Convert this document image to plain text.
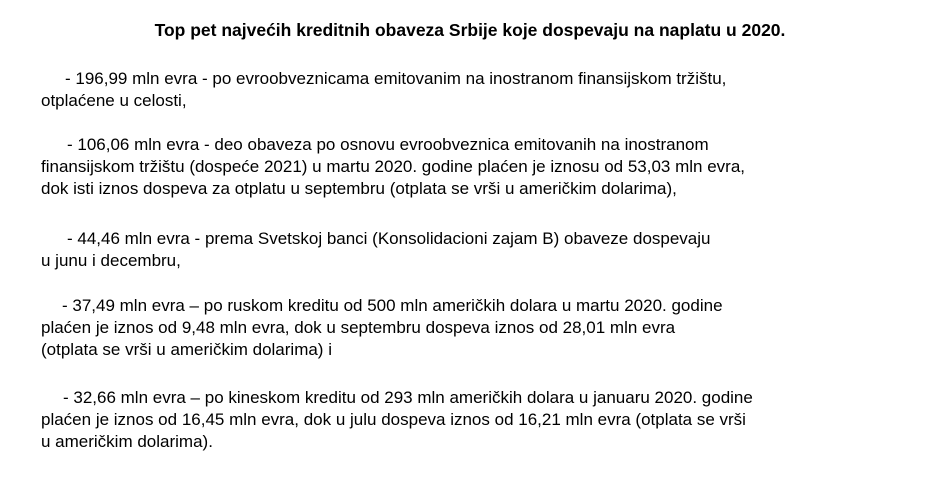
Top pet najvećih kreditnih obaveza Srbije koje dospevaju na naplatu u 2020.
- 196,99 mln evra - po evroobveznicama emitovanim na inostranom finansijskom tržištu,
otplaćene u celosti,
- 106,06 mln evra - deo obaveza po osnovu evroobveznica emitovanih na inostranom
finansijskom tržištu (dospeće 2021) u martu 2020. godine plaćen je iznosu od 53,03 mln evra,
dok isti iznos dospeva za otplatu u septembru (otplata se vrši u američkim dolarima),
- 44,46 mln evra - prema Svetskoj banci (Konsolidacioni zajam B) obaveze dospevaju
u junu i decembru,
- 37,49 mln evra – po ruskom kreditu od 500 mln američkih dolara u martu 2020. godine
plaćen je iznos od 9,48 mln evra, dok u septembru dospeva iznos od 28,01 mln evra
(otplata se vrši u američkim dolarima) i
- 32,66 mln evra – po kineskom kreditu od 293 mln američkih dolara u januaru 2020. godine
plaćen je iznos od 16,45 mln evra, dok u julu dospeva iznos od 16,21 mln evra (otplata se vrši
u američkim dolarima).
